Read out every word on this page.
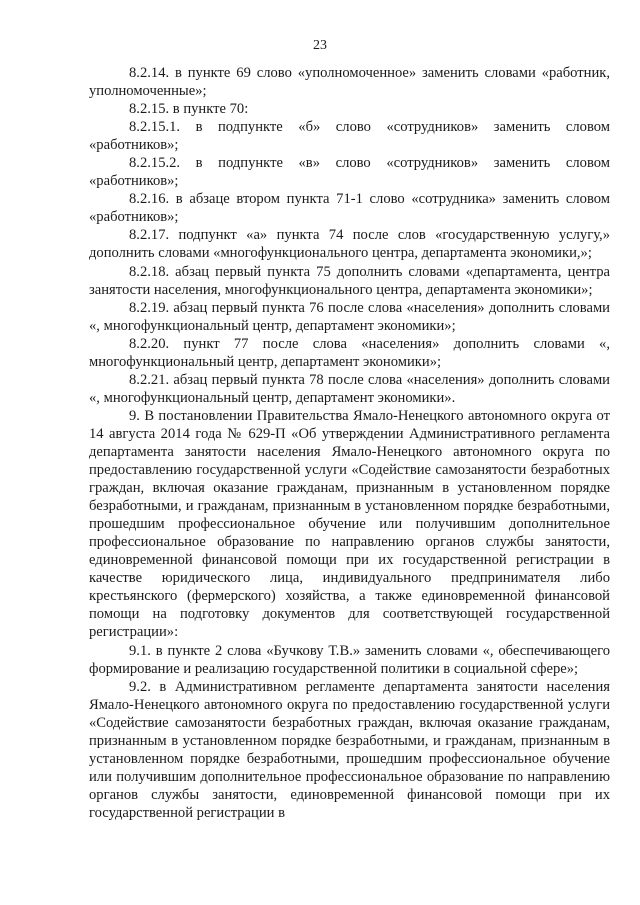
23

8.2.14. в пункте 69 слово «уполномоченное» заменить словами «работник, уполномоченные»;

8.2.15. в пункте 70:

8.2.15.1. в подпункте «б» слово «сотрудников» заменить словом «работников»;

8.2.15.2. в подпункте «в» слово «сотрудников» заменить словом «работников»;

8.2.16. в абзаце втором пункта 71-1 слово «сотрудника» заменить словом «работников»;

8.2.17. подпункт «а» пункта 74 после слов «государственную услугу,» дополнить словами «многофункционального центра, департамента экономики,»;

8.2.18. абзац первый пункта 75 дополнить словами «департамента, центра занятости населения, многофункционального центра, департамента экономики»;

8.2.19. абзац первый пункта 76 после слова «населения» дополнить словами «, многофункциональный центр, департамент экономики»;

8.2.20. пункт 77 после слова «населения» дополнить словами «, многофункциональный центр, департамент экономики»;

8.2.21. абзац первый пункта 78 после слова «населения» дополнить словами «, многофункциональный центр, департамент экономики».

9. В постановлении Правительства Ямало-Ненецкого автономного округа от 14 августа 2014 года № 629-П «Об утверждении Административного регламента департамента занятости населения Ямало-Ненецкого автономного округа по предоставлению государственной услуги «Содействие самозанятости безработных граждан, включая оказание гражданам, признанным в установленном порядке безработными, и гражданам, признанным в установленном порядке безработными, прошедшим профессиональное обучение или получившим дополнительное профессиональное образование по направлению органов службы занятости, единовременной финансовой помощи при их государственной регистрации в качестве юридического лица, индивидуального предпринимателя либо крестьянского (фермерского) хозяйства, а также единовременной финансовой помощи на подготовку документов для соответствующей государственной регистрации»:

9.1. в пункте 2 слова «Бучкову Т.В.» заменить словами «, обеспечивающего формирование и реализацию государственной политики в социальной сфере»;

9.2. в Административном регламенте департамента занятости населения Ямало-Ненецкого автономного округа по предоставлению государственной услуги «Содействие самозанятости безработных граждан, включая оказание гражданам, признанным в установленном порядке безработными, и гражданам, признанным в установленном порядке безработными, прошедшим профессиональное обучение или получившим дополнительное профессиональное образование по направлению органов службы занятости, единовременной финансовой помощи при их государственной регистрации в
